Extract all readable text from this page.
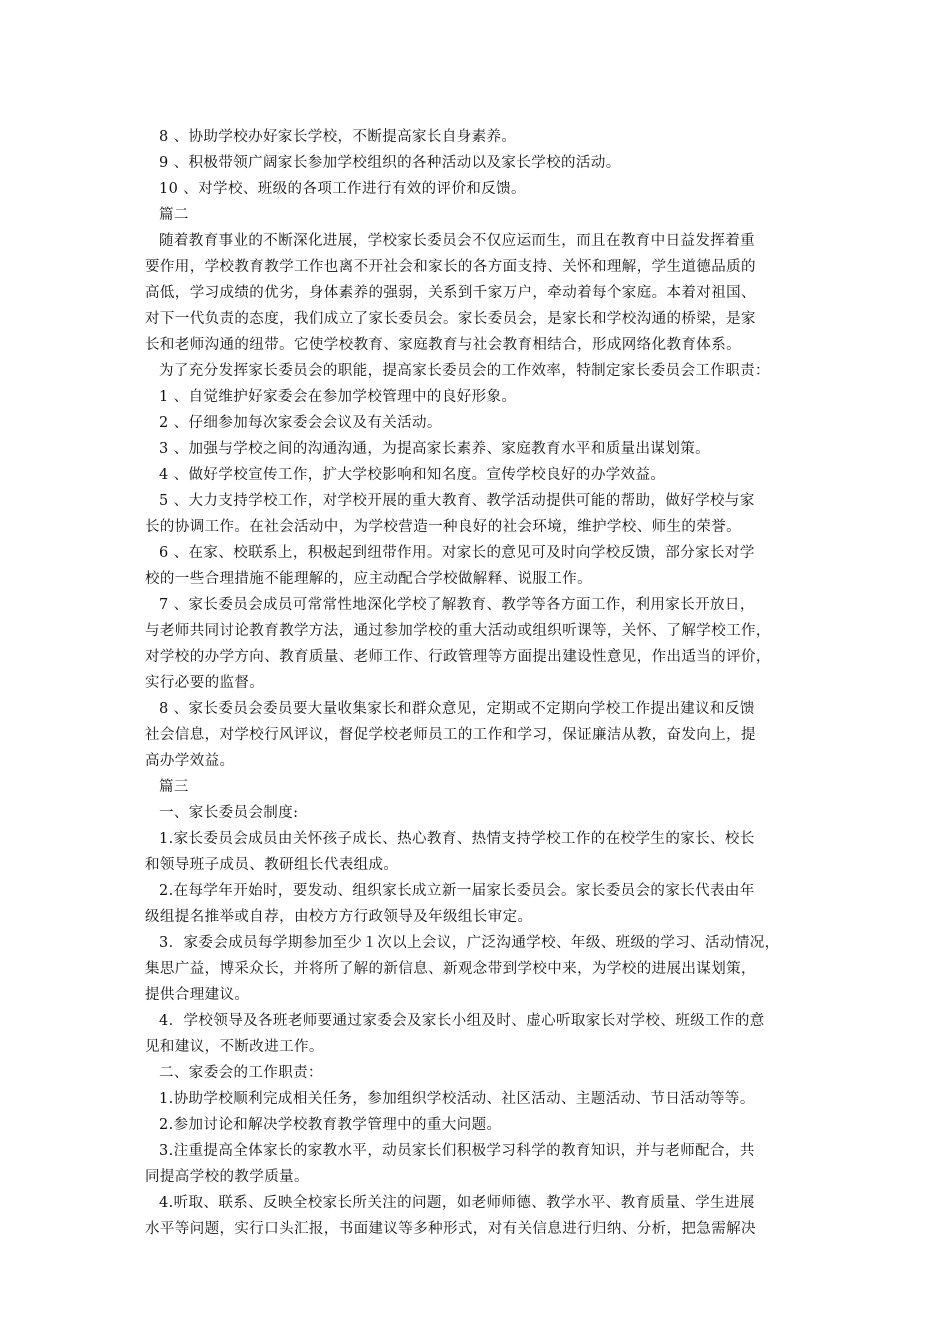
8 、协助学校办好家长学校，不断提高家长自身素养。
9 、积极带领广阔家长参加学校组织的各种活动以及家长学校的活动。
10 、对学校、班级的各项工作进行有效的评价和反馈。
篇二
随着教育事业的不断深化进展，学校家长委员会不仅应运而生，而且在教育中日益发挥着重
要作用，学校教育教学工作也离不开社会和家长的各方面支持、关怀和理解，学生道德品质的
高低，学习成绩的优劣，身体素养的强弱，关系到千家万户，牵动着每个家庭。本着对祖国、
对下一代负责的态度，我们成立了家长委员会。家长委员会，是家长和学校沟通的桥梁，是家
长和老师沟通的纽带。它使学校教育、家庭教育与社会教育相结合，形成网络化教育体系。
为了充分发挥家长委员会的职能，提高家长委员会的工作效率，特制定家长委员会工作职责：
1 、自觉维护好家委会在参加学校管理中的良好形象。
2 、仔细参加每次家委会会议及有关活动。
3 、加强与学校之间的沟通沟通，为提高家长素养、家庭教育水平和质量出谋划策。
4 、做好学校宣传工作，扩大学校影响和知名度。宣传学校良好的办学效益。
5 、大力支持学校工作，对学校开展的重大教育、教学活动提供可能的帮助，做好学校与家
长的协调工作。在社会活动中，为学校营造一种良好的社会环境，维护学校、师生的荣誉。
6 、在家、校联系上，积极起到纽带作用。对家长的意见可及时向学校反馈，部分家长对学
校的一些合理措施不能理解的，应主动配合学校做解释、说服工作。
7 、家长委员会成员可常常性地深化学校了解教育、教学等各方面工作，利用家长开放日，
与老师共同讨论教育教学方法，通过参加学校的重大活动或组织听课等，关怀、了解学校工作，
对学校的办学方向、教育质量、老师工作、行政管理等方面提出建设性意见，作出适当的评价，
实行必要的监督。
8 、家长委员会委员要大量收集家长和群众意见，定期或不定期向学校工作提出建议和反馈
社会信息，对学校行风评议，督促学校老师员工的工作和学习，保证廉洁从教，奋发向上，提
高办学效益。
篇三
一、家长委员会制度:
1.家长委员会成员由关怀孩子成长、热心教育、热情支持学校工作的在校学生的家长、校长
和领导班子成员、教研组长代表组成。
2.在每学年开始时，要发动、组织家长成立新一届家长委员会。家长委员会的家长代表由年
级组提名推举或自荐，由校方方行政领导及年级组长审定。
3．家委会成员每学期参加至少１次以上会议，广泛沟通学校、年级、班级的学习、活动情况，
集思广益，博采众长，并将所了解的新信息、新观念带到学校中来，为学校的进展出谋划策，
提供合理建议。
4．学校领导及各班老师要通过家委会及家长小组及时、虚心听取家长对学校、班级工作的意
见和建议，不断改进工作。
二、家委会的工作职责：
1.协助学校顺利完成相关任务，参加组织学校活动、社区活动、主题活动、节日活动等等。
2.参加讨论和解决学校教育教学管理中的重大问题。
3.注重提高全体家长的家教水平，动员家长们积极学习科学的教育知识，并与老师配合，共
同提高学校的教学质量。
4.听取、联系、反映全校家长所关注的问题，如老师师德、教学水平、教育质量、学生进展
水平等问题，实行口头汇报，书面建议等多种形式，对有关信息进行归纳、分析，把急需解决
